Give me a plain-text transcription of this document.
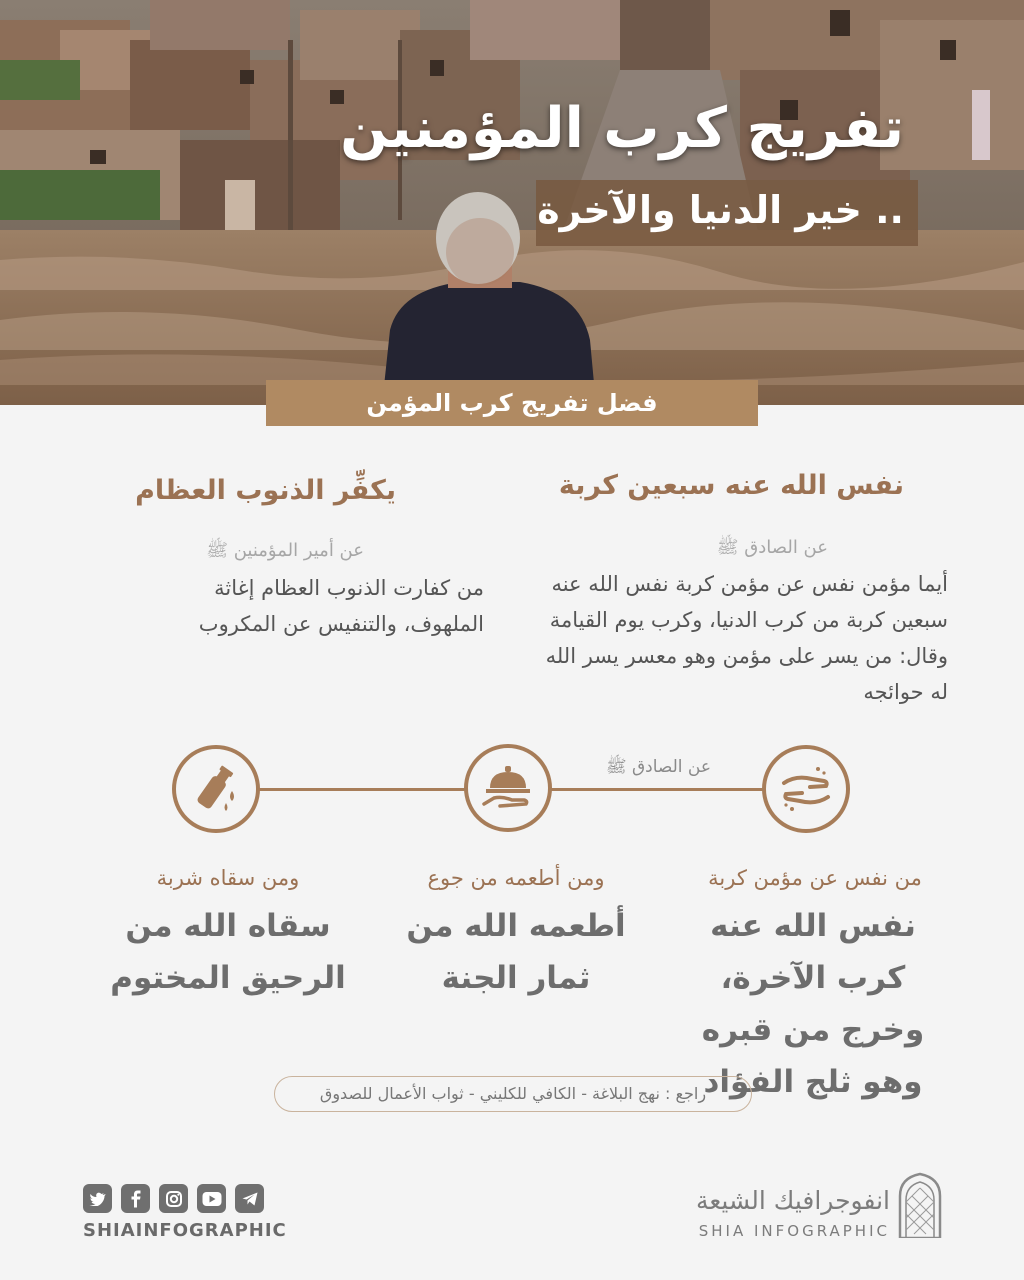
تفريج كرب المؤمنين
.. خير الدنيا والآخرة
فضل تفريج كرب المؤمن
نفس الله عنه سبعين كربة
عن الصادق ﷺ
أيما مؤمن نفس عن مؤمن كربة نفس الله عنه سبعين كربة من كرب الدنيا، وكرب يوم القيامة وقال: من يسر على مؤمن وهو معسر يسر الله له حوائجه
يكفِّر الذنوب العظام
عن أمير المؤمنين ﷺ
من كفارت الذنوب العظام إغاثة الملهوف، والتنفيس عن المكروب
عن الصادق ﷺ
من نفس عن مؤمن كربة
نفس الله عنه كرب الآخرة، وخرج من قبره وهو ثلج الفؤاد
ومن أطعمه من جوع
أطعمه الله من ثمار الجنة
ومن سقاه شربة
سقاه الله من الرحيق المختوم
راجع : نهج البلاغة - الكافي للكليني - ثواب الأعمال للصدوق
SHIAINFOGRAPHIC
انفوجرافيك الشيعة
SHIA INFOGRAPHIC
